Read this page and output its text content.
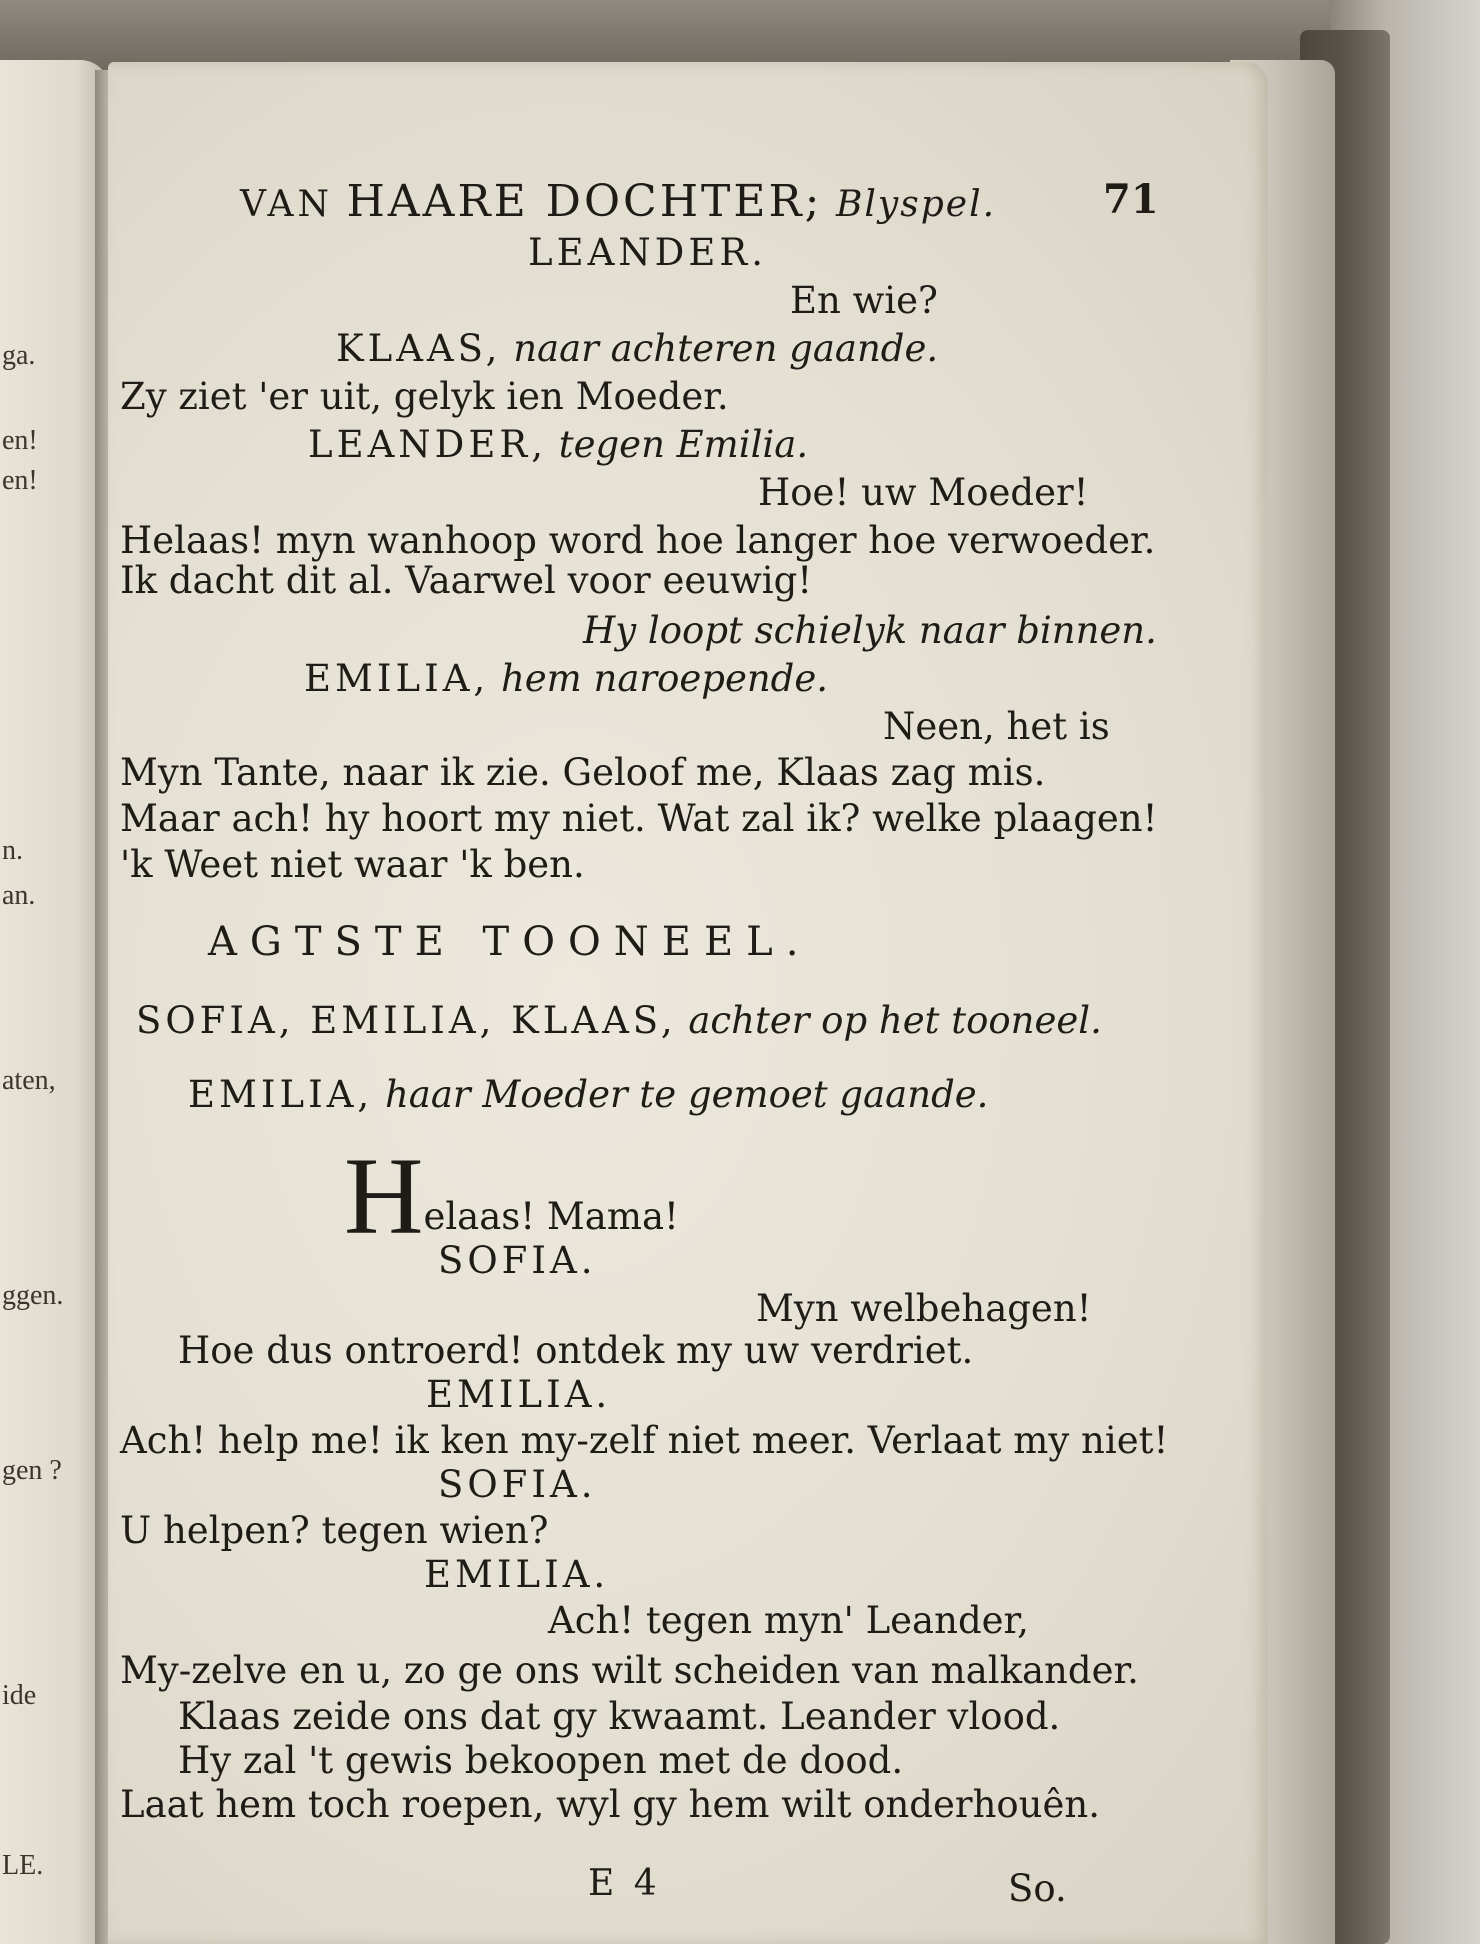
ga.
en!
en!
n.
an.
aten,
ggen.
gen ?
ide
LE.

VAN HAARE DOCHTER; Blyspel.	71

LEANDER.

En wie?

KLAAS, naar achteren gaande.

Zy ziet 'er uit, gelyk ien Moeder.

LEANDER, tegen Emilia.

Hoe! uw Moeder!

Helaas! myn wanhoop word hoe langer hoe verwoeder.

Ik dacht dit al. Vaarwel voor eeuwig!

Hy loopt schielyk naar binnen.

EMILIA, hem naroepende.

Neen, het is

Myn Tante, naar ik zie. Geloof me, Klaas zag mis.

Maar ach! hy hoort my niet. Wat zal ik? welke plaagen!

'k Weet niet waar 'k ben.

AGTSTE TOONEEL.

SOFIA, EMILIA, KLAAS, achter op het tooneel.

EMILIA, haar Moeder te gemoet gaande.

Helaas! Mama!

SOFIA.

Myn welbehagen!

Hoe dus ontroerd! ontdek my uw verdriet.

EMILIA.

Ach! help me! ik ken my-zelf niet meer. Verlaat my niet!

SOFIA.

U helpen? tegen wien?

EMILIA.

Ach! tegen myn' Leander,

My-zelve en u, zo ge ons wilt scheiden van malkander.

Klaas zeide ons dat gy kwaamt. Leander vlood.

Hy zal 't gewis bekoopen met de dood.

Laat hem toch roepen, wyl gy hem wilt onderhouên.

E 4	So.
